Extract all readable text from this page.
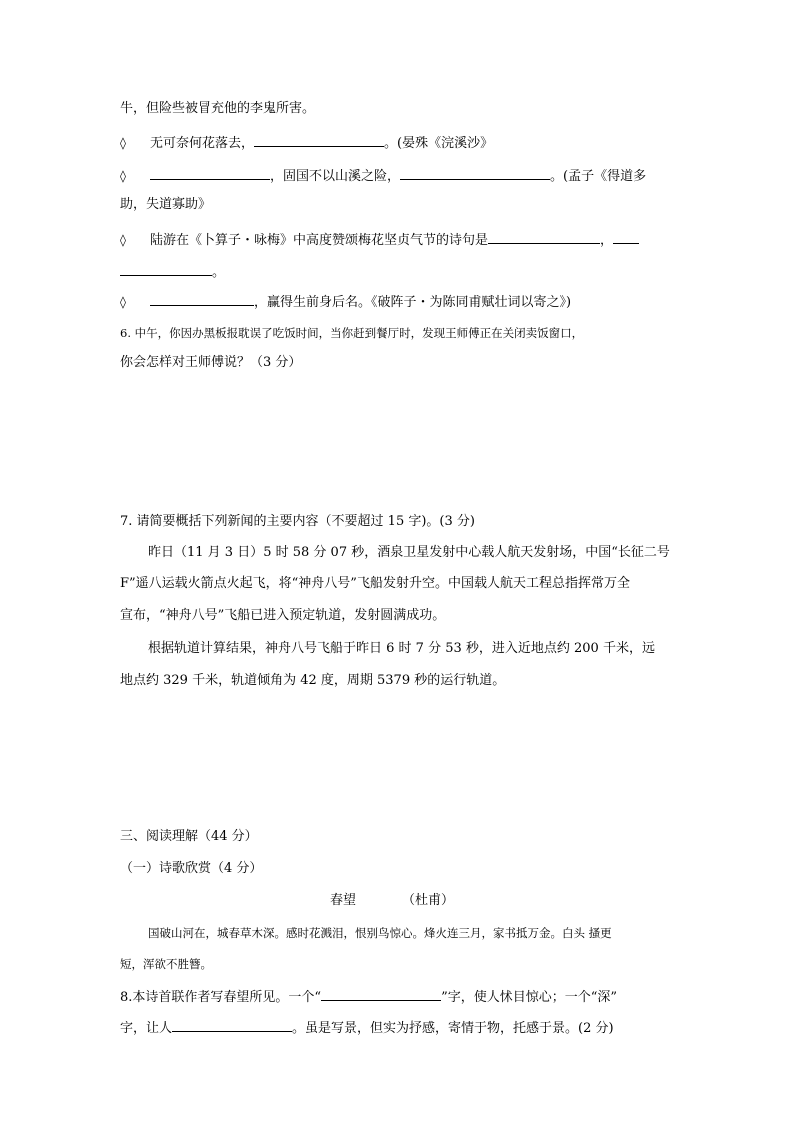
牛，但险些被冒充他的李鬼所害。
◊ 无可奈何花落去，	。(晏殊《浣溪沙》
◊	，固国不以山溪之险，	。(孟子《得道多
助，失道寡助》
◊ 陆游在《卜算子・咏梅》中高度赞颂梅花坚贞气节的诗句是	，
。
◊	，赢得生前身后名。《破阵子・为陈同甫赋壮词以寄之》)
6. 中午，你因办黑板报耽误了吃饭时间，当你赶到餐厅时，发现王师傅正在关闭卖饭窗口，
你会怎样对王师傅说？（3 分）
7. 请简要概括下列新闻的主要内容（不要超过 15 字)。(3 分)
昨日（11 月 3 日）5 时 58 分 07 秒，酒泉卫星发射中心载人航天发射场，中国“长征二号
F”遥八运载火箭点火起飞，将“神舟八号”飞船发射升空。中国载人航天工程总指挥常万全
宣布，“神舟八号”飞船已进入预定轨道，发射圆满成功。
根据轨道计算结果，神舟八号飞船于昨日 6 时 7 分 53 秒，进入近地点约 200 千米，远
地点约 329 千米，轨道倾角为 42 度，周期 5379 秒的运行轨道。
三、阅读理解（44 分）
（一）诗歌欣赏（4 分）
春望	（杜甫）
国破山河在，城春草木深。感时花溅泪，恨别鸟惊心。烽火连三月，家书抵万金。白头 搔更
短，浑欲不胜簪。
8.本诗首联作者写春望所见。一个“	”字，使人怵目惊心；一个“深”
字，让人	。虽是写景，但实为抒感，寄情于物，托感于景。(2 分)
